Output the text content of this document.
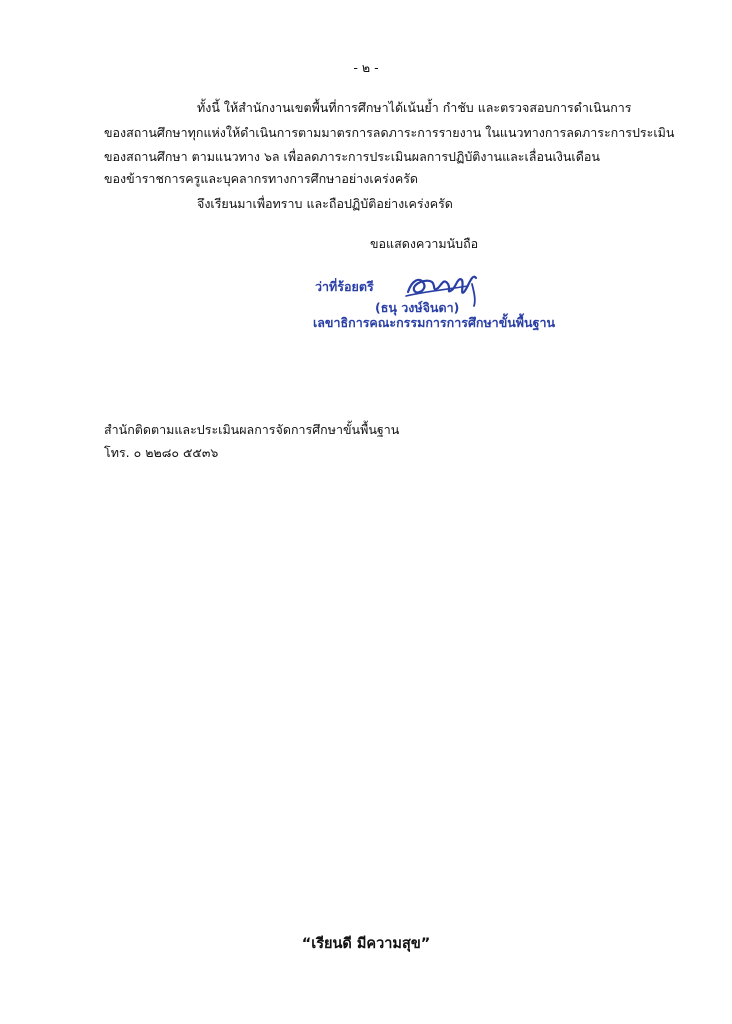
- ๒ -
ทั้งนี้ ให้สำนักงานเขตพื้นที่การศึกษาได้เน้นย้ำ กำชับ และตรวจสอบการดำเนินการ
ของสถานศึกษาทุกแห่งให้ดำเนินการตามมาตรการลดภาระการรายงาน ในแนวทางการลดภาระการประเมิน
ของสถานศึกษา ตามแนวทาง ๖ล เพื่อลดภาระการประเมินผลการปฏิบัติงานและเลื่อนเงินเดือน
ของข้าราชการครูและบุคลากรทางการศึกษาอย่างเคร่งครัด
จึงเรียนมาเพื่อทราบ และถือปฏิบัติอย่างเคร่งครัด
ขอแสดงความนับถือ
ว่าที่ร้อยตรี
(ธนุ วงษ์จินดา)
เลขาธิการคณะกรรมการการศึกษาขั้นพื้นฐาน
สำนักติดตามและประเมินผลการจัดการศึกษาขั้นพื้นฐาน
โทร. ๐ ๒๒๘๐ ๕๕๓๖
“เรียนดี มีความสุข”
